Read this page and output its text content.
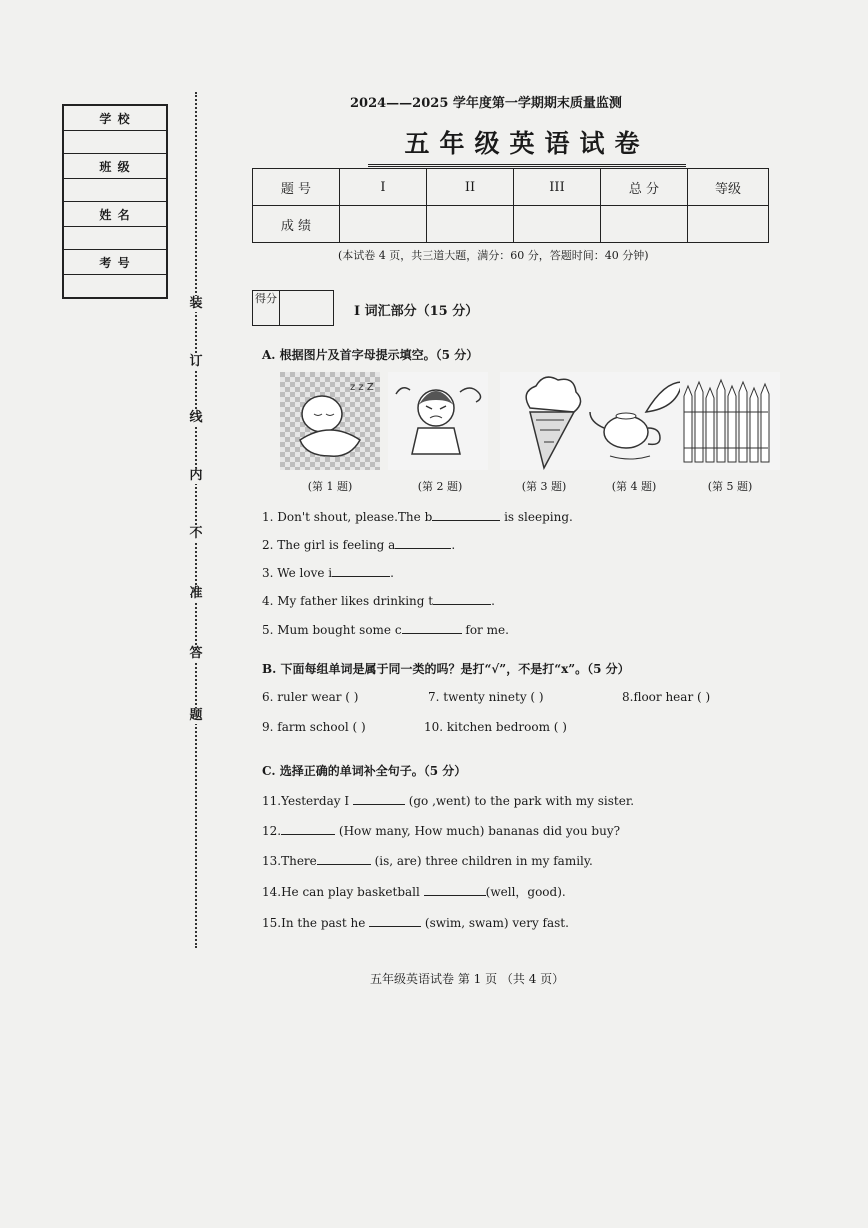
学 校
班 级
姓 名
考 号
装
订
线
内
不
准
答
题
2024——2025 学年度第一学期期末质量监测
五年级英语试卷
题 号	I	II	III	总 分	等级
成 绩					
(本试卷 4 页，共三道大题，满分：60 分，答题时间：40 分钟)
得分
I 词汇部分（15 分）
A. 根据图片及首字母提示填空。（5 分）
z z Z
(第 1 题)	(第 2 题)	(第 3 题)	(第 4 题)	(第 5 题)
1. Don't shout, please.The b	is sleeping.
2. The girl is feeling a	.
3. We love i	.
4. My father likes drinking t	.
5. Mum bought some c	for me.
B. 下面每组单词是属于同一类的吗？是打“√”，不是打“x”。（5 分）
6. ruler wear ( )	7. twenty ninety ( )	8.floor hear ( )
9. farm school ( )	10. kitchen bedroom ( )
C. 选择正确的单词补全句子。（5 分）
11.Yesterday I	(go ,went) to the park with my sister.
12.	(How many, How much) bananas did you buy?
13.There	(is, are) three children in my family.
14.He can play basketball	(well，good).
15.In the past he	(swim, swam) very fast.
五年级英语试卷 第 1 页 （共 4 页）
